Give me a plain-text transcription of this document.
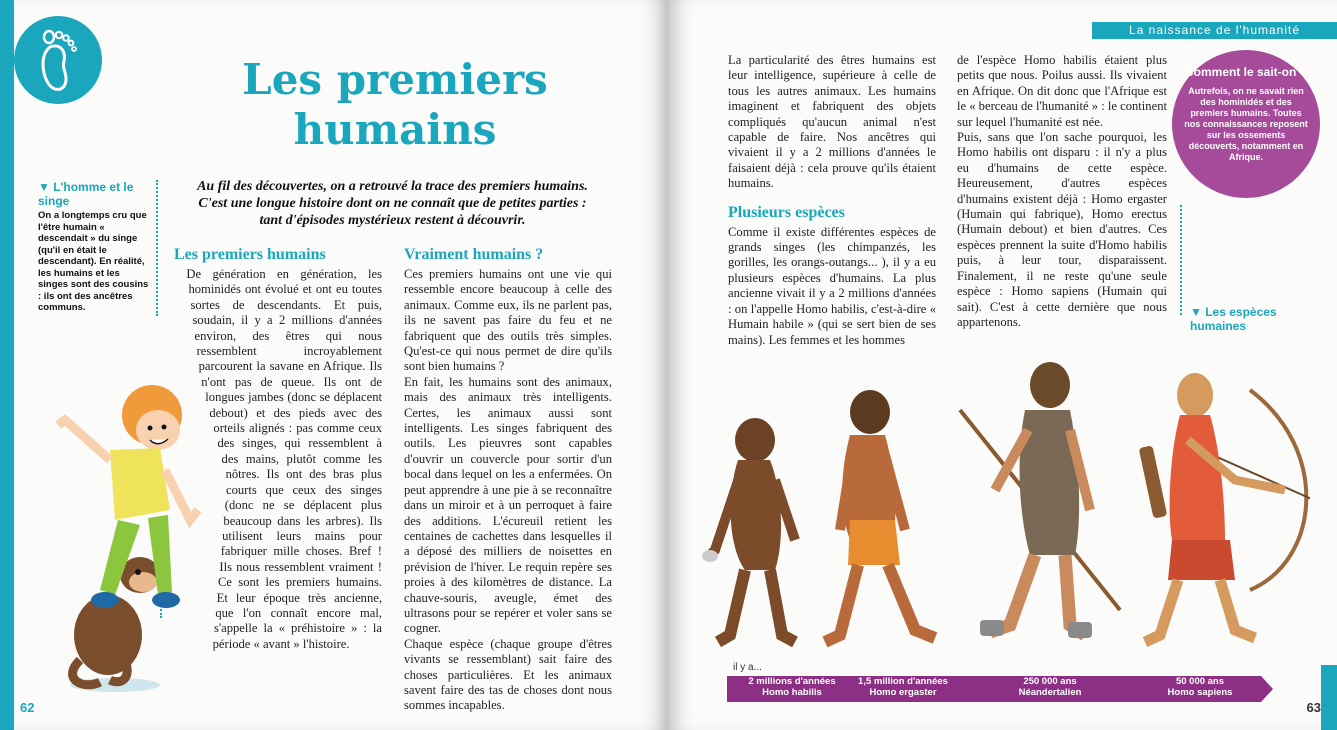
62
Les premiers humains

Au fil des découvertes, on a retrouvé la trace des premiers humains. C'est une longue histoire dont on ne connaît que de petites parties : tant d'épisodes mystérieux restent à découvrir.

▼ L'homme et le singe
On a longtemps cru que l'être humain « descendait » du singe (qu'il en était le descendant). En réalité, les humains et les singes sont des cousins : ils ont des ancêtres communs.
Les premiers humains

De génération en génération, les hominidés ont évolué et ont eu toutes sortes de descendants. Et puis, soudain, il y a 2 millions d'années environ, des êtres qui nous ressemblent incroyablement parcourent la savane en Afrique. Ils n'ont pas de queue. Ils ont de longues jambes (donc se déplacent debout) et des pieds avec des orteils alignés : pas comme ceux des singes, qui ressemblent à des mains, plutôt comme les nôtres. Ils ont des bras plus courts que ceux des singes (donc ne se déplacent plus beaucoup dans les arbres). Ils utilisent leurs mains pour fabriquer mille choses. Bref ! Ils nous ressemblent vraiment ! Ce sont les premiers humains. Et leur époque très ancienne, que l'on connaît encore mal, s'appelle la « préhistoire » : la période « avant » l'histoire.

Vraiment humains ?

Ces premiers humains ont une vie qui ressemble encore beaucoup à celle des animaux. Comme eux, ils ne parlent pas, ils ne savent pas faire du feu et ne fabriquent que des outils très simples. Qu'est-ce qui nous permet de dire qu'ils sont bien humains ?

En fait, les humains sont des animaux, mais des animaux très intelligents. Certes, les animaux aussi sont intelligents. Les singes fabriquent des outils. Les pieuvres sont capables d'ouvrir un couvercle pour sortir d'un bocal dans lequel on les a enfermées. On peut apprendre à une pie à se reconnaître dans un miroir et à un perroquet à faire des additions. L'écureuil retient les centaines de cachettes dans lesquelles il a déposé des milliers de noisettes en prévision de l'hiver. Le requin repère ses proies à des kilomètres de distance. La chauve-souris, aveugle, émet des ultrasons pour se repérer et voler sans se cogner.

Chaque espèce (chaque groupe d'êtres vivants se ressemblant) sait faire des choses particulières. Et les animaux savent faire des tas de choses dont nous sommes incapables.

La naissance de l'humanité
63

La particularité des êtres humains est leur intelligence, supérieure à celle de tous les autres animaux. Les humains imaginent et fabriquent des objets compliqués qu'aucun animal n'est capable de faire. Nos ancêtres qui vivaient il y a 2 millions d'années le faisaient déjà : cela prouve qu'ils étaient humains.

Plusieurs espèces

Comme il existe différentes espèces de grands singes (les chimpanzés, les gorilles, les orangs-outangs... ), il y a eu plusieurs espèces d'humains. La plus ancienne vivait il y a 2 millions d'années : on l'appelle Homo habilis, c'est-à-dire « Humain habile » (qui se sert bien de ses mains). Les femmes et les hommes

de l'espèce Homo habilis étaient plus petits que nous. Poilus aussi. Ils vivaient en Afrique. On dit donc que l'Afrique est le « berceau de l'humanité » : le continent sur lequel l'humanité est née.

Puis, sans que l'on sache pourquoi, les Homo habilis ont disparu : il n'y a plus eu d'humains de cette espèce. Heureusement, d'autres espèces d'humains existent déjà : Homo ergaster (Humain qui fabrique), Homo erectus (Humain debout) et bien d'autres. Ces espèces prennent la suite d'Homo habilis puis, à leur tour, disparaissent. Finalement, il ne reste qu'une seule espèce : Homo sapiens (Humain qui sait). C'est à cette dernière que nous appartenons.

Comment le sait-on ?
Autrefois, on ne savait rien des hominidés et des premiers humains. Toutes nos connaissances reposent sur les ossements découverts, notamment en Afrique.
▼ Les espèces humaines
il y a...
2 millions d'années
Homo habilis
1,5 million d'années
Homo ergaster
250 000 ans
Néandertalien
50 000 ans
Homo sapiens
